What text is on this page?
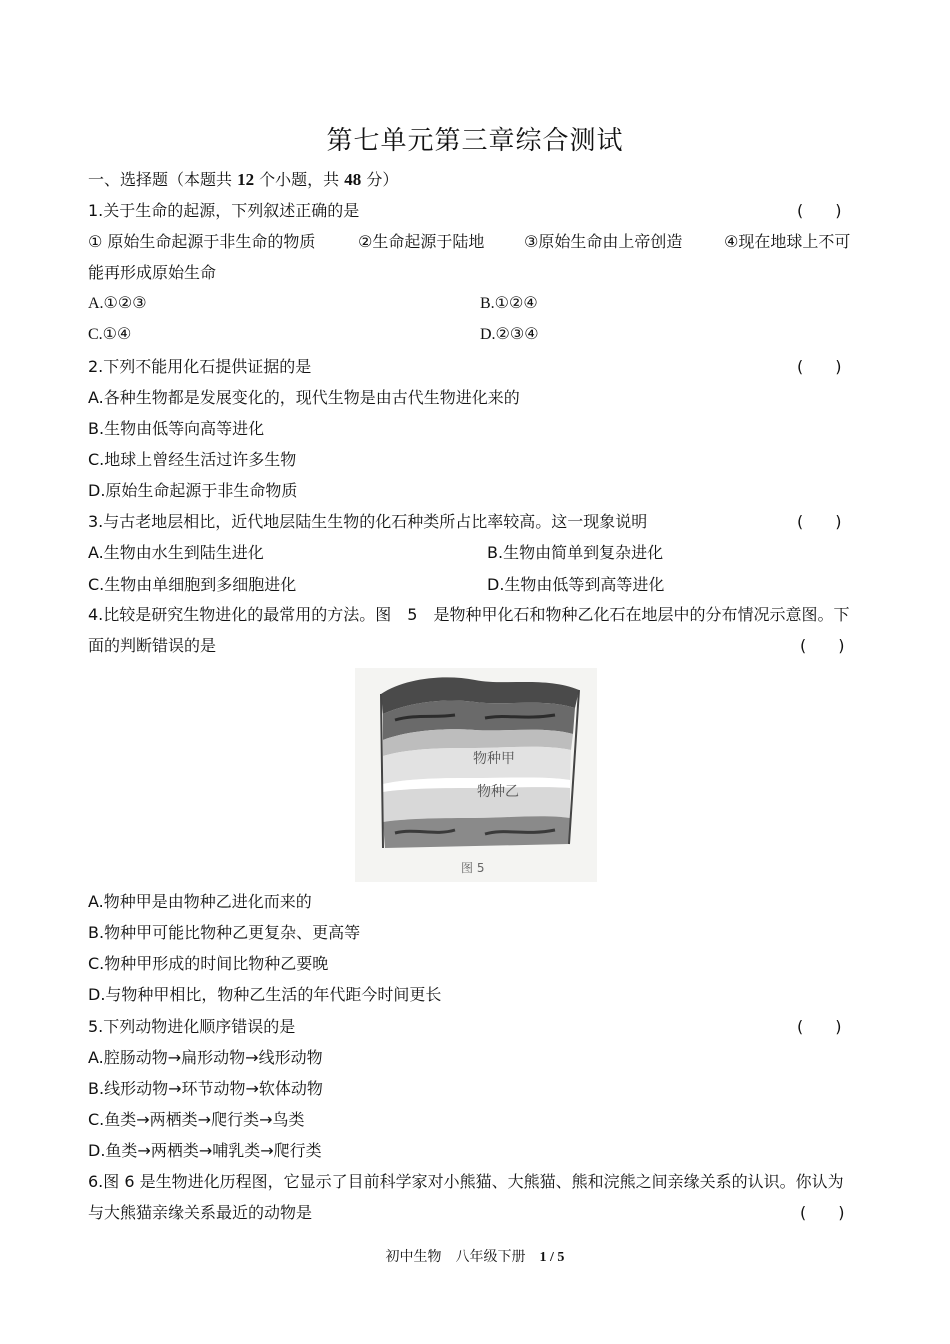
第七单元第三章综合测试
一、选择题（本题共 12 个小题，共 48 分）
1.关于生命的起源，下列叙述正确的是	(　　)
① 原始生命起源于非生命的物质	②生命起源于陆地 ③原始生命由上帝创造	④现在地球上不可
能再形成原始生命
A.①②③	B.①②④
C.①④	D.②③④
2.下列不能用化石提供证据的是	(　　)
A.各种生物都是发展变化的，现代生物是由古代生物进化来的
B.生物由低等向高等进化
C.地球上曾经生活过许多生物
D.原始生命起源于非生命物质
3.与古老地层相比，近代地层陆生生物的化石种类所占比率较高。这一现象说明	(　　)
A.生物由水生到陆生进化	B.生物由简单到复杂进化
C.生物由单细胞到多细胞进化	D.生物由低等到高等进化
4.比较是研究生物进化的最常用的方法。图　5　是物种甲化石和物种乙化石在地层中的分布情况示意图。下
面的判断错误的是	(　　)
物种甲
物种乙
图 5
A.物种甲是由物种乙进化而来的
B.物种甲可能比物种乙更复杂、更高等
C.物种甲形成的时间比物种乙要晚
D.与物种甲相比，物种乙生活的年代距今时间更长
5.下列动物进化顺序错误的是	(　　)
A.腔肠动物→扁形动物→线形动物
B.线形动物→环节动物→软体动物
C.鱼类→两栖类→爬行类→鸟类
D.鱼类→两栖类→哺乳类→爬行类
6.图 6 是生物进化历程图，它显示了目前科学家对小熊猫、大熊猫、熊和浣熊之间亲缘关系的认识。你认为
与大熊猫亲缘关系最近的动物是	(　　)
初中生物　八年级下册　1 / 5
